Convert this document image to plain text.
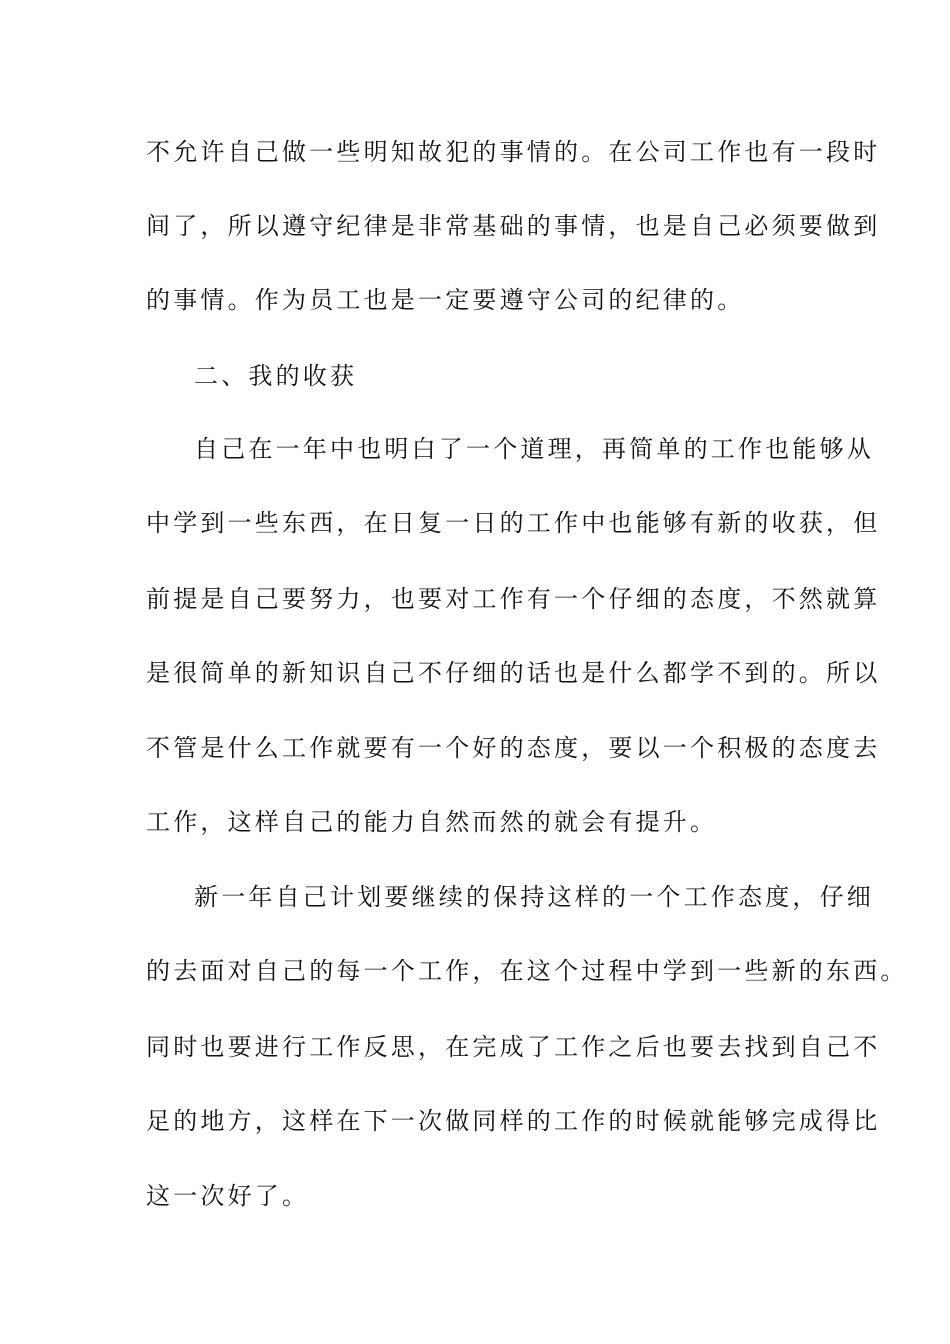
不允许自己做一些明知故犯的事情的。在公司工作也有一段时
间了，所以遵守纪律是非常基础的事情，也是自己必须要做到
的事情。作为员工也是一定要遵守公司的纪律的。
二、我的收获
自己在一年中也明白了一个道理，再简单的工作也能够从
中学到一些东西，在日复一日的工作中也能够有新的收获，但
前提是自己要努力，也要对工作有一个仔细的态度，不然就算
是很简单的新知识自己不仔细的话也是什么都学不到的。所以
不管是什么工作就要有一个好的态度，要以一个积极的态度去
工作，这样自己的能力自然而然的就会有提升。
新一年自己计划要继续的保持这样的一个工作态度，仔细
的去面对自己的每一个工作，在这个过程中学到一些新的东西。
同时也要进行工作反思，在完成了工作之后也要去找到自己不
足的地方，这样在下一次做同样的工作的时候就能够完成得比
这一次好了。
